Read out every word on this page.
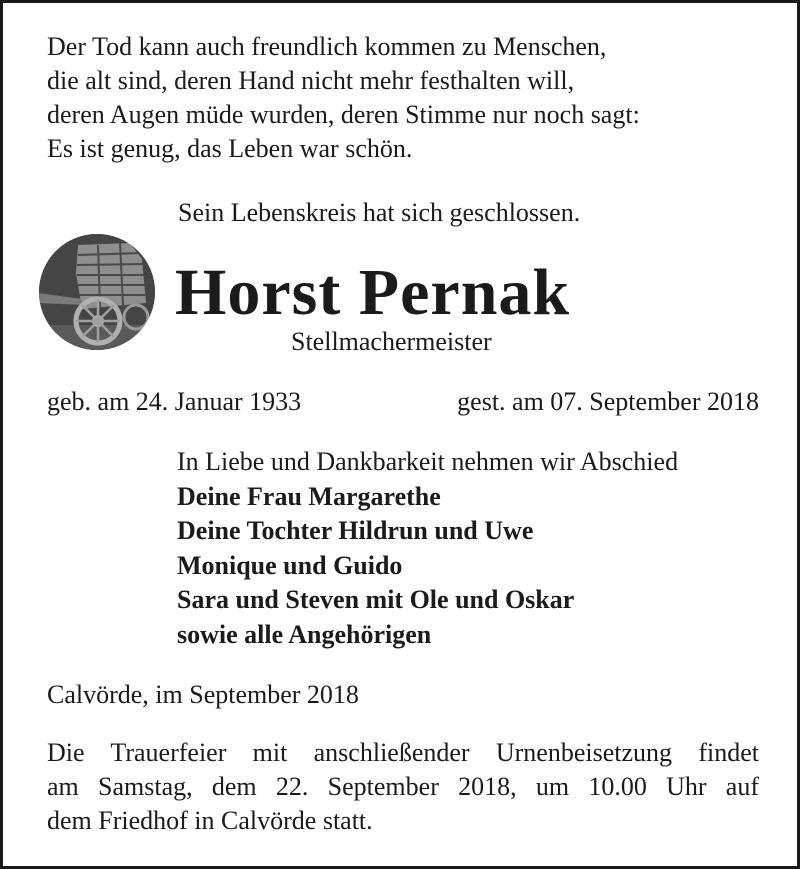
Der Tod kann auch freundlich kommen zu Menschen,
die alt sind, deren Hand nicht mehr festhalten will,
deren Augen müde wurden, deren Stimme nur noch sagt:
Es ist genug, das Leben war schön.
Sein Lebenskreis hat sich geschlossen.
Horst Pernak
Stellmachermeister
geb. am 24. Januar 1933	gest. am 07. September 2018
In Liebe und Dankbarkeit nehmen wir Abschied
Deine Frau Margarethe
Deine Tochter Hildrun und Uwe
Monique und Guido
Sara und Steven mit Ole und Oskar
sowie alle Angehörigen
Calvörde, im September 2018
Die Trauerfeier mit anschließender Urnenbeisetzung findet
am Samstag, dem 22. September 2018, um 10.00 Uhr auf
dem Friedhof in Calvörde statt.
